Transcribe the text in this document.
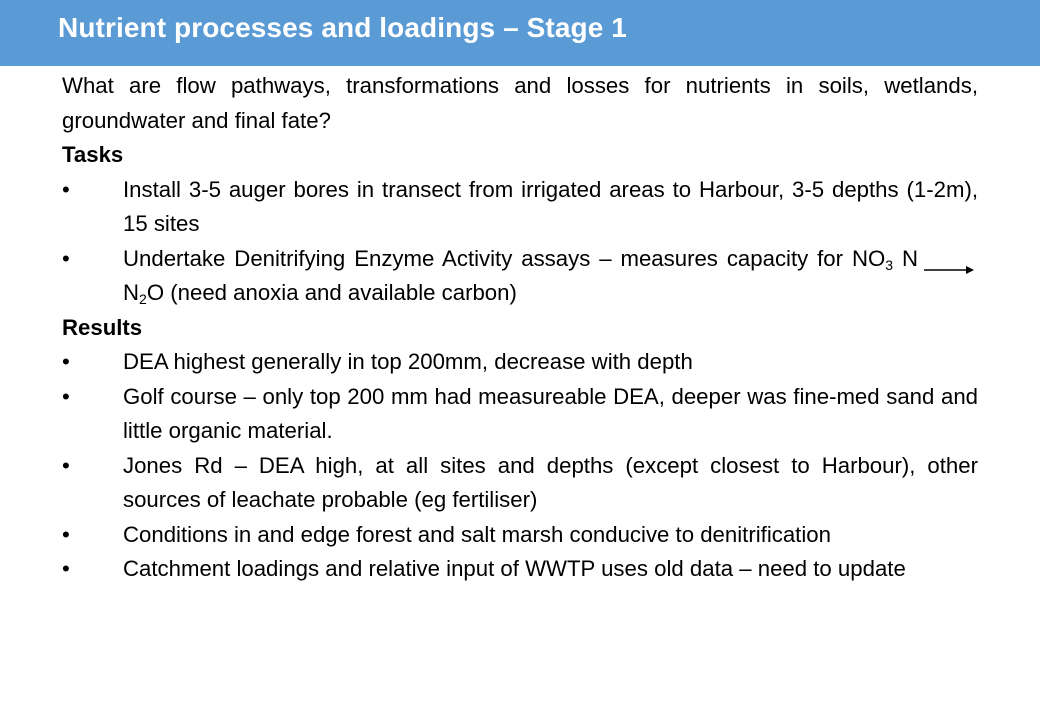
Nutrient processes and loadings – Stage 1

What are flow pathways, transformations and losses for nutrients in soils, wetlands, groundwater and final fate?

Tasks

• Install 3-5 auger bores in transect from irrigated areas to Harbour, 3-5 depths (1-2m), 15 sites
• Undertake Denitrifying Enzyme Activity assays – measures capacity for $NO_3$ $NN_2O$ (need anoxia and available carbon)

Results

• DEA highest generally in top 200mm, decrease with depth
• Golf course – only top 200 mm had measureable DEA, deeper was fine-med sand and little organic material.
• Jones Rd – DEA high, at all sites and depths (except closest to Harbour), other sources of leachate probable (eg fertiliser)
• Conditions in and edge forest and salt marsh conducive to denitrification
• Catchment loadings and relative input of WWTP uses old data – need to update
